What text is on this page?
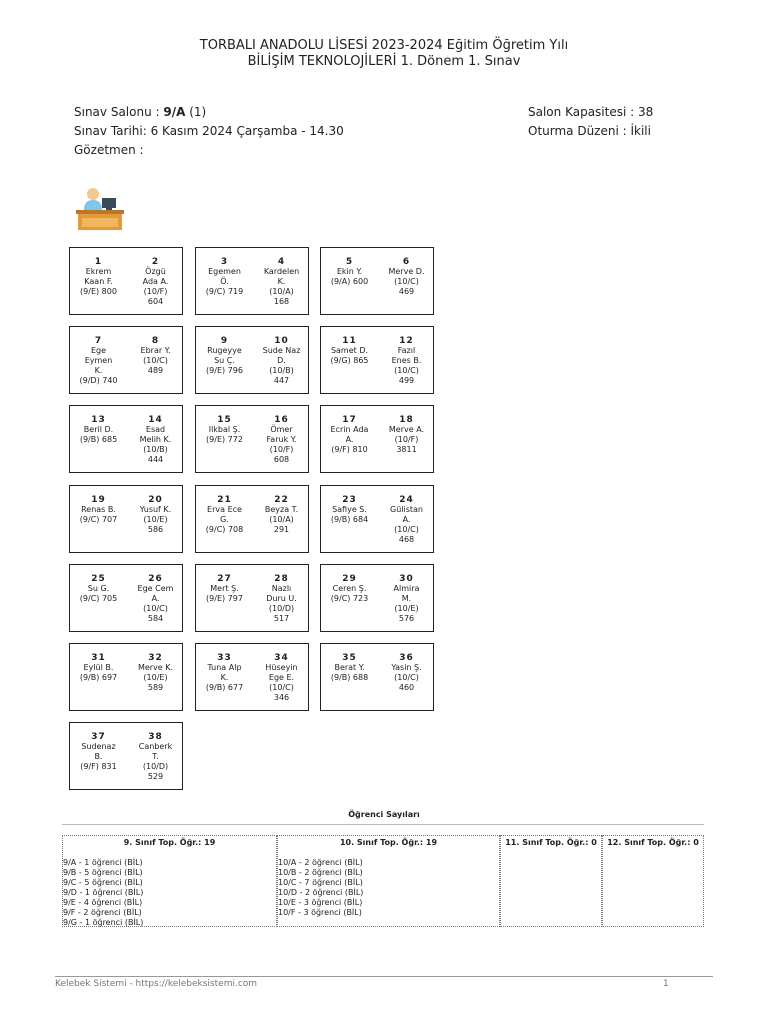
TORBALI ANADOLU LİSESİ 2023-2024 Eğitim Öğretim Yılı
BİLİŞİM TEKNOLOJİLERİ 1. Dönem 1. Sınav
Sınav Salonu : 9/A (1)
Sınav Tarihi: 6 Kasım 2024 Çarşamba - 14.30
Gözetmen :
Salon Kapasitesi : 38
Oturma Düzeni : İkili
1
Ekrem
Kaan F.
(9/E) 800
2
Özgü
Ada A.
(10/F)
604
3
Egemen
Ö.
(9/C) 719
4
Kardelen
K.
(10/A)
168
5
Ekin Y.
(9/A) 600
6
Merve D.
(10/C)
469
7
Ege
Eymen
K.
(9/D) 740
8
Ebrar Y.
(10/C)
489
9
Rugeyye
Su Ç.
(9/E) 796
10
Sude Naz
D.
(10/B)
447
11
Samet D.
(9/G) 865
12
Fazıl
Enes B.
(10/C)
499
13
Beril D.
(9/B) 685
14
Esad
Melih K.
(10/B)
444
15
Ilkbal Ş.
(9/E) 772
16
Ömer
Faruk Y.
(10/F)
608
17
Ecrin Ada
A.
(9/F) 810
18
Merve A.
(10/F)
3811
19
Renas B.
(9/C) 707
20
Yusuf K.
(10/E)
586
21
Erva Ece
G.
(9/C) 708
22
Beyza T.
(10/A)
291
23
Safiye S.
(9/B) 684
24
Gülistan
A.
(10/C)
468
25
Su G.
(9/C) 705
26
Ege Cem
A.
(10/C)
584
27
Mert Ş.
(9/E) 797
28
Nazlı
Duru U.
(10/D)
517
29
Ceren Ş.
(9/C) 723
30
Almira
M.
(10/E)
576
31
Eylül B.
(9/B) 697
32
Merve K.
(10/E)
589
33
Tuna Alp
K.
(9/B) 677
34
Hüseyin
Ege E.
(10/C)
346
35
Berat Y.
(9/B) 688
36
Yasin Ş.
(10/C)
460
37
Sudenaz
B.
(9/F) 831
38
Canberk
T.
(10/D)
529
Öğrenci Sayıları
9. Sınıf Top. Öğr.: 19
9/A - 1 öğrenci (BİL)
9/B - 5 öğrenci (BİL)
9/C - 5 öğrenci (BİL)
9/D - 1 öğrenci (BİL)
9/E - 4 öğrenci (BİL)
9/F - 2 öğrenci (BİL)
9/G - 1 öğrenci (BİL)
10. Sınıf Top. Öğr.: 19
10/A - 2 öğrenci (BİL)
10/B - 2 öğrenci (BİL)
10/C - 7 öğrenci (BİL)
10/D - 2 öğrenci (BİL)
10/E - 3 öğrenci (BİL)
10/F - 3 öğrenci (BİL)
11. Sınıf Top. Öğr.: 0	12. Sınıf Top. Öğr.: 0
Kelebek Sistemi - https://kelebeksistemi.com	1
